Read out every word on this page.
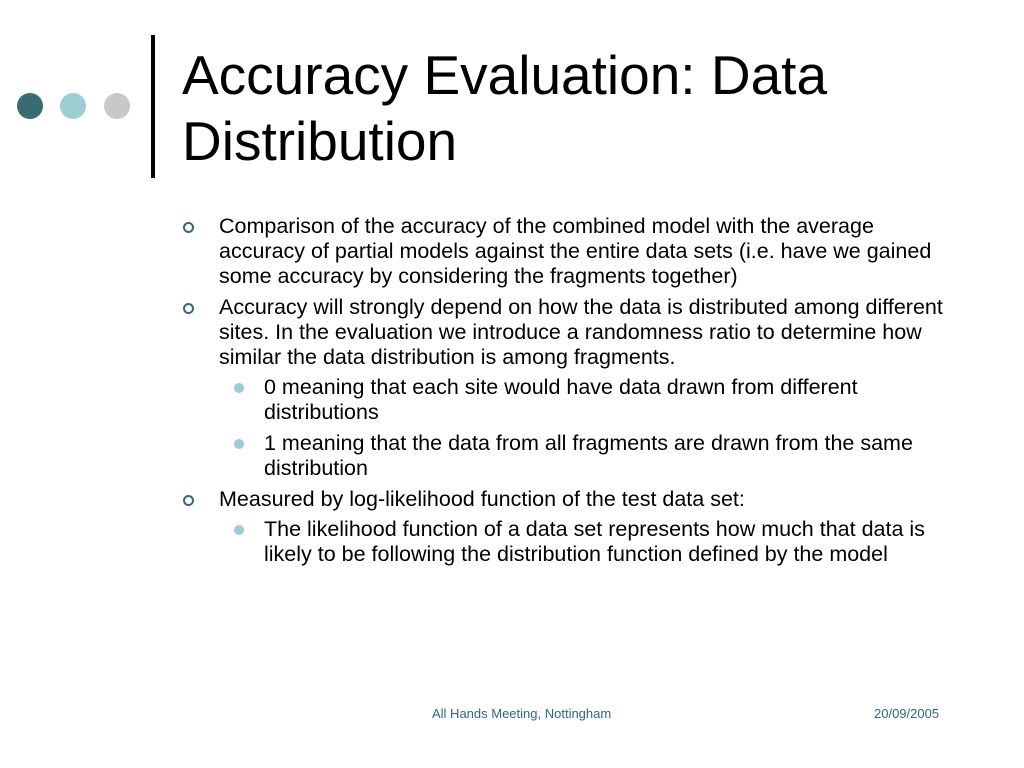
Accuracy Evaluation: Data Distribution
Comparison of the accuracy of the combined model with the average accuracy of partial models against the entire data sets (i.e. have we gained some accuracy by considering the fragments together)
Accuracy will strongly depend on how the data is distributed among different sites. In the evaluation we introduce a randomness ratio to determine how similar the data distribution is among fragments.
0 meaning that each site would have data drawn from different distributions
1 meaning that the data from all fragments are drawn from the same distribution
Measured by log-likelihood function of the test data set:
The likelihood function of a data set represents how much that data is likely to be following the distribution function defined by the model
All Hands Meeting, Nottingham	20/09/2005
